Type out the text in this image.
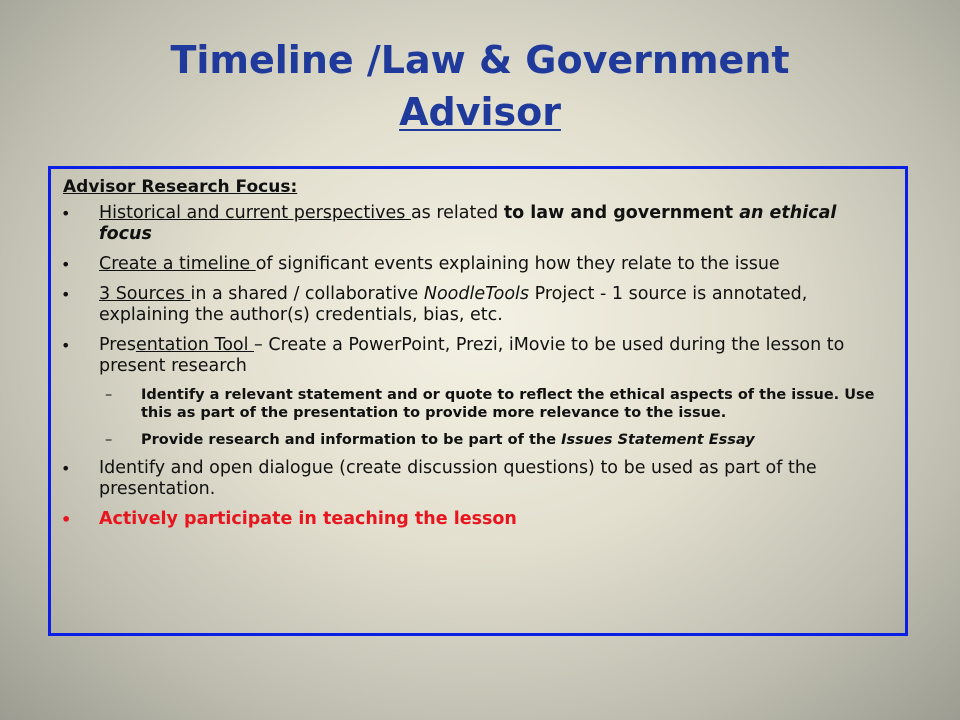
Timeline /Law & Government
Advisor
Advisor Research Focus:
• Historical and current perspectives as related to law and government an ethical focus
• Create a timeline of significant events explaining how they relate to the issue
• 3 Sources in a shared / collaborative NoodleTools Project - 1 source is annotated, explaining the author(s) credentials, bias, etc.
• Presentation Tool – Create a PowerPoint, Prezi, iMovie to be used during the lesson to present research
– Identify a relevant statement and or quote to reflect the ethical aspects of the issue. Use this as part of the presentation to provide more relevance to the issue.
– Provide research and information to be part of the Issues Statement Essay
• Identify and open dialogue (create discussion questions) to be used as part of the presentation.
• Actively participate in teaching the lesson
